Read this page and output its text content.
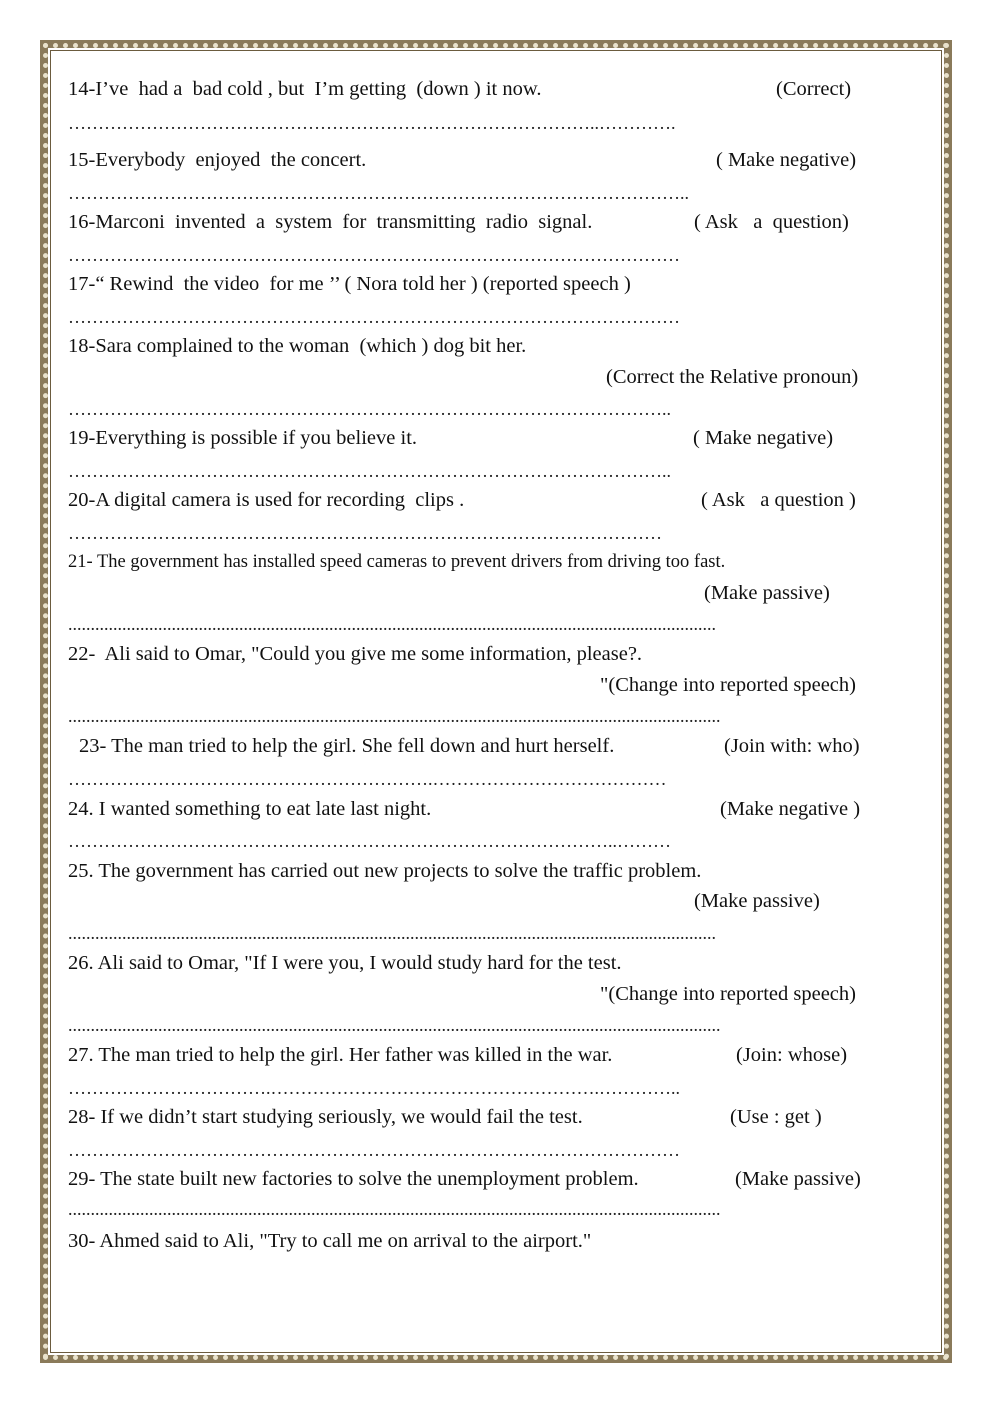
14-I’ve  had a  bad cold , but  I’m getting  (down ) it now.	(Correct)
……………………………………………………………………………..………….
15-Everybody  enjoyed  the concert.	( Make negative)
…………………………………………………………………………………………..
16-Marconi  invented  a  system  for  transmitting  radio  signal.	( Ask   a  question)
…………………………………………………………………………………………
17-“ Rewind  the video  for me ’’ ( Nora told her ) (reported speech )
…………………………………………………………………………………………
18-Sara complained to the woman  (which ) dog bit her.
(Correct the Relative pronoun)
………………………………………………………………………………………..
19-Everything is possible if you believe it.	( Make negative)
………………………………………………………………………………………..
20-A digital camera is used for recording  clips .	( Ask   a question )
………………………………………………………………………………………
21- The government has installed speed cameras to prevent drivers from driving too fast.
(Make passive)
................................................................................................................................................
22-  Ali said to Omar, "Could you give me some information, please?.
"(Change into reported speech)
.................................................................................................................................................
23- The man tried to help the girl. She fell down and hurt herself.	(Join with: who)
…………………………………………………….…………………………………
24. I wanted something to eat late last night.	(Make negative )
………………………………………………………………………………..………
25. The government has carried out new projects to solve the traffic problem.
(Make passive)
................................................................................................................................................
26. Ali said to Omar, "If I were you, I would study hard for the test.
"(Change into reported speech)
.................................................................................................................................................
27. The man tried to help the girl. Her father was killed in the war.	(Join: whose)
…………………………….……………………………………………….…………..
28- If we didn’t start studying seriously, we would fail the test.	(Use : get )
…………………………………………………………………………………………
29- The state built new factories to solve the unemployment problem.	(Make passive)
.................................................................................................................................................
30- Ahmed said to Ali, "Try to call me on arrival to the airport."
